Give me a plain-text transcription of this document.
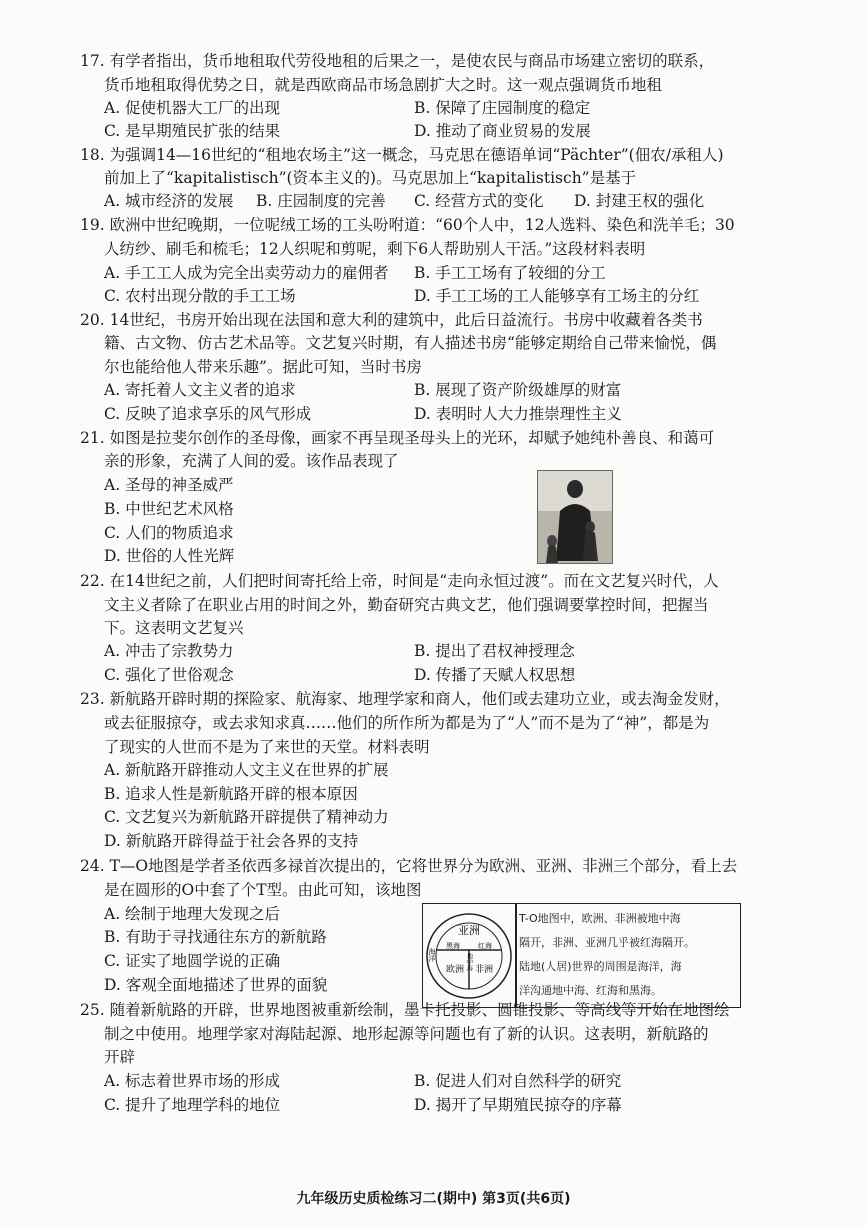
17. 有学者指出，货币地租取代劳役地租的后果之一，是使农民与商品市场建立密切的联系，
货币地租取得优势之日，就是西欧商品市场急剧扩大之时。这一观点强调货币地租
A. 促使机器大工厂的出现	B. 保障了庄园制度的稳定
C. 是早期殖民扩张的结果	D. 推动了商业贸易的发展
18. 为强调14—16世纪的“租地农场主”这一概念，马克思在德语单词“Pächter”(佃农/承租人)
前加上了“kapitalistisch”(资本主义的)。马克思加上“kapitalistisch”是基于
A. 城市经济的发展 B. 庄园制度的完善 C. 经营方式的变化 D. 封建王权的强化
19. 欧洲中世纪晚期，一位呢绒工场的工头吩咐道：“60个人中，12人选料、染色和洗羊毛；30
人纺纱、刷毛和梳毛；12人织呢和剪呢，剩下6人帮助别人干活。”这段材料表明
A. 手工工人成为完全出卖劳动力的雇佣者 B. 手工工场有了较细的分工
C. 农村出现分散的手工工场	D. 手工工场的工人能够享有工场主的分红
20. 14世纪，书房开始出现在法国和意大利的建筑中，此后日益流行。书房中收藏着各类书
籍、古文物、仿古艺术品等。文艺复兴时期，有人描述书房“能够定期给自己带来愉悦，偶
尔也能给他人带来乐趣”。据此可知，当时书房
A. 寄托着人文主义者的追求	B. 展现了资产阶级雄厚的财富
C. 反映了追求享乐的风气形成	D. 表明时人大力推崇理性主义
21. 如图是拉斐尔创作的圣母像，画家不再呈现圣母头上的光环，却赋予她纯朴善良、和蔼可
亲的形象，充满了人间的爱。该作品表现了
A. 圣母的神圣威严
B. 中世纪艺术风格
C. 人们的物质追求
D. 世俗的人性光辉
22. 在14世纪之前，人们把时间寄托给上帝，时间是“走向永恒过渡”。而在文艺复兴时代，人
文主义者除了在职业占用的时间之外，勤奋研究古典文艺，他们强调要掌控时间，把握当
下。这表明文艺复兴
A. 冲击了宗教势力	B. 提出了君权神授理念
C. 强化了世俗观念	D. 传播了天赋人权思想
23. 新航路开辟时期的探险家、航海家、地理学家和商人，他们或去建功立业，或去淘金发财，
或去征服掠夺，或去求知求真……他们的所作所为都是为了“人”而不是为了“神”，都是为
了现实的人世而不是为了来世的天堂。材料表明
A. 新航路开辟推动人文主义在世界的扩展
B. 追求人性是新航路开辟的根本原因
C. 文艺复兴为新航路开辟提供了精神动力
D. 新航路开辟得益于社会各界的支持
24. T—O地图是学者圣依西多禄首次提出的，它将世界分为欧洲、亚洲、非洲三个部分，看上去
是在圆形的O中套了个T型。由此可知，该地图
A. 绘制于地理大发现之后
B. 有助于寻找通往东方的新航路
C. 证实了地圆学说的正确
D. 客观全面地描述了世界的面貌
亚洲
欧洲 非洲
黑海	红海
地中海
海洋
T-O地图中，欧洲、非洲被地中海
隔开，非洲、亚洲几乎被红海隔开。
陆地(人居)世界的周围是海洋，海
洋沟通地中海、红海和黑海。
25. 随着新航路的开辟，世界地图被重新绘制，墨卡托投影、圆锥投影、等高线等开始在地图绘
制之中使用。地理学家对海陆起源、地形起源等问题也有了新的认识。这表明，新航路的
开辟
A. 标志着世界市场的形成	B. 促进人们对自然科学的研究
C. 提升了地理学科的地位	D. 揭开了早期殖民掠夺的序幕
九年级历史质检练习二(期中) 第3页(共6页)
